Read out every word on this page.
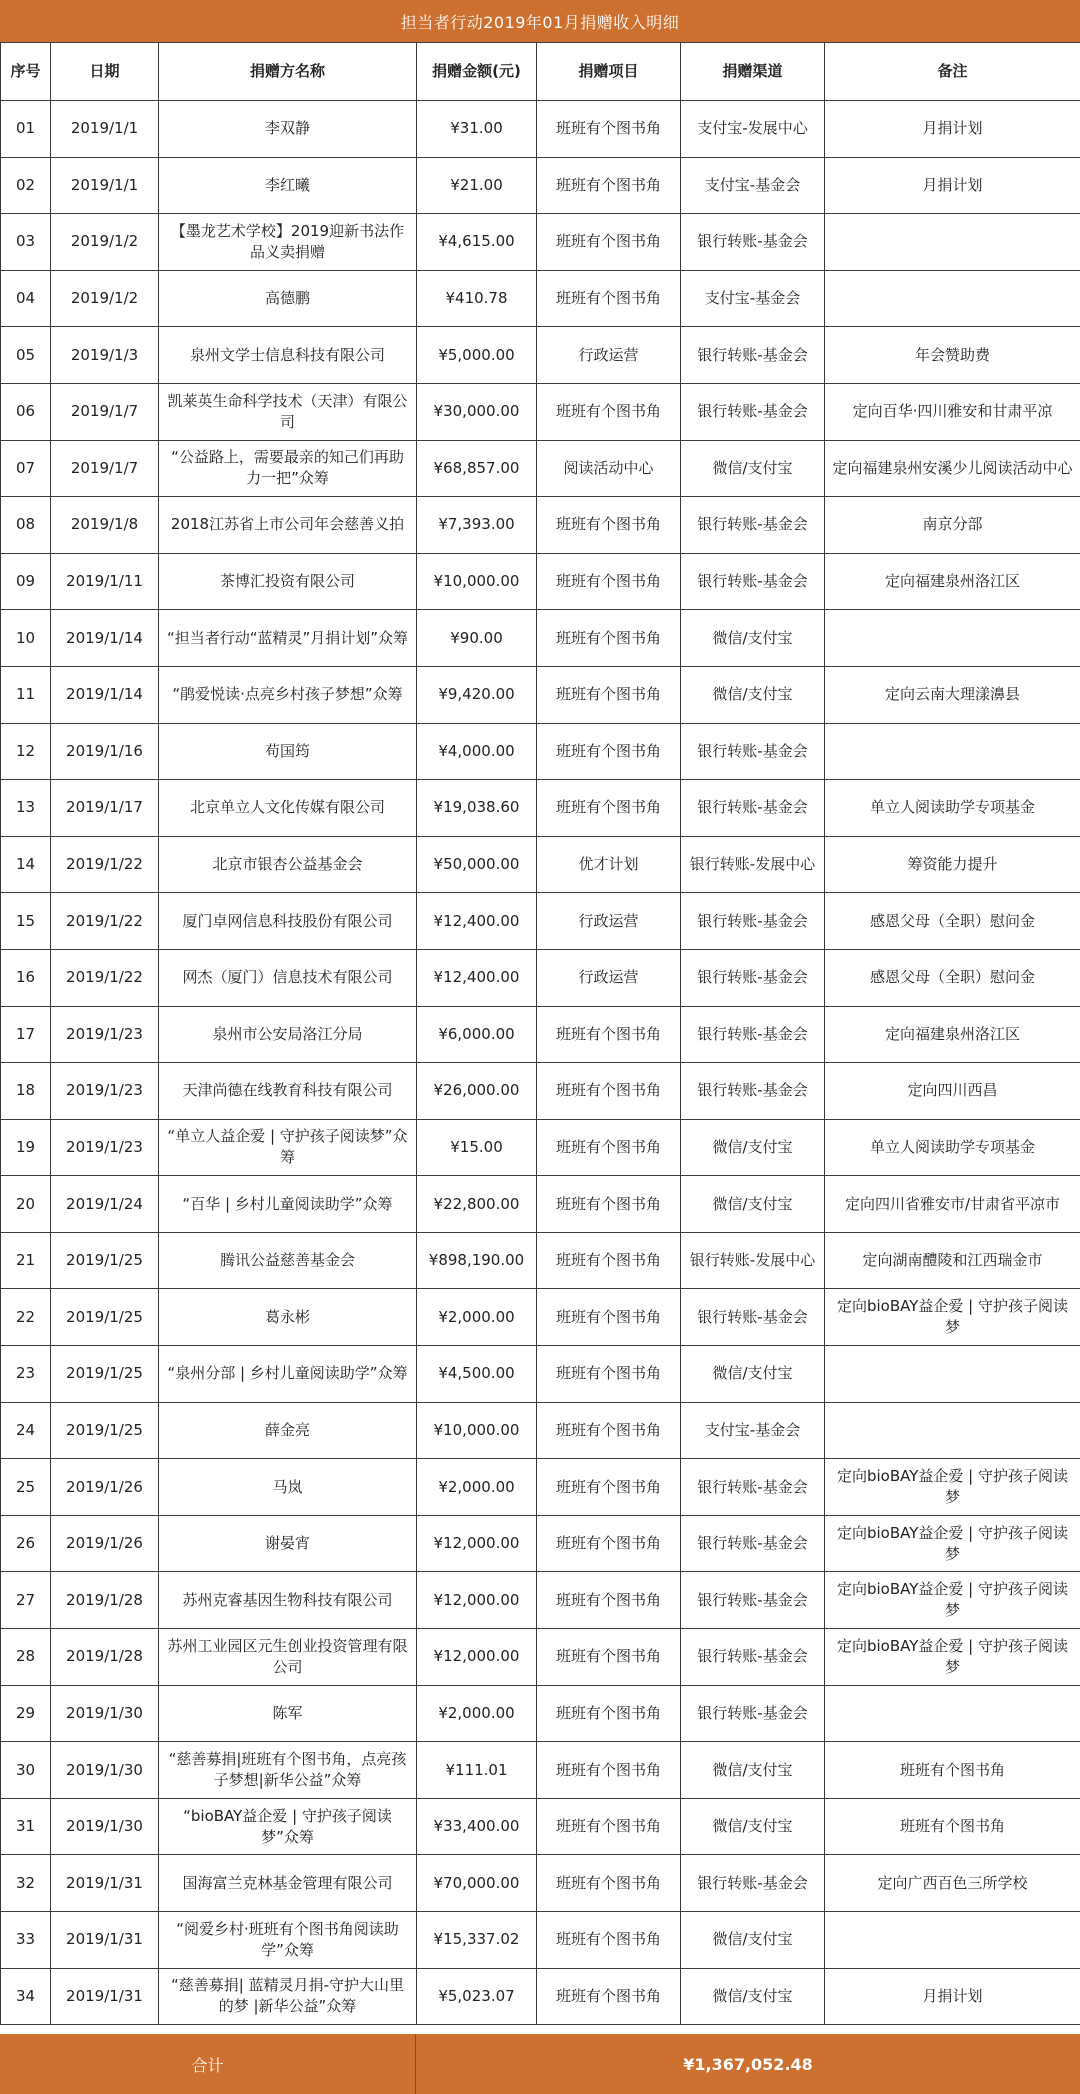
担当者行动2019年01月捐赠收入明细
序号	日期	捐赠方名称	捐赠金额(元)	捐赠项目	捐赠渠道	备注
01	2019/1/1	李双静	¥31.00	班班有个图书角	支付宝-发展中心	月捐计划
02	2019/1/1	李红曦	¥21.00	班班有个图书角	支付宝-基金会	月捐计划
03	2019/1/2	【墨龙艺术学校】2019迎新书法作品义卖捐赠	¥4,615.00	班班有个图书角	银行转账-基金会	
04	2019/1/2	高德鹏	¥410.78	班班有个图书角	支付宝-基金会	
05	2019/1/3	泉州文学士信息科技有限公司	¥5,000.00	行政运营	银行转账-基金会	年会赞助费
06	2019/1/7	凯莱英生命科学技术（天津）有限公司	¥30,000.00	班班有个图书角	银行转账-基金会	定向百华·四川雅安和甘肃平凉
07	2019/1/7	“公益路上，需要最亲的知己们再助力一把”众筹	¥68,857.00	阅读活动中心	微信/支付宝	定向福建泉州安溪少儿阅读活动中心
08	2019/1/8	2018江苏省上市公司年会慈善义拍	¥7,393.00	班班有个图书角	银行转账-基金会	南京分部
09	2019/1/11	茶博汇投资有限公司	¥10,000.00	班班有个图书角	银行转账-基金会	定向福建泉州洛江区
10	2019/1/14	“担当者行动“蓝精灵”月捐计划”众筹	¥90.00	班班有个图书角	微信/支付宝	
11	2019/1/14	“鹃爱悦读·点亮乡村孩子梦想”众筹	¥9,420.00	班班有个图书角	微信/支付宝	定向云南大理漾濞县
12	2019/1/16	苟国筠	¥4,000.00	班班有个图书角	银行转账-基金会	
13	2019/1/17	北京单立人文化传媒有限公司	¥19,038.60	班班有个图书角	银行转账-基金会	单立人阅读助学专项基金
14	2019/1/22	北京市银杏公益基金会	¥50,000.00	优才计划	银行转账-发展中心	筹资能力提升
15	2019/1/22	厦门卓网信息科技股份有限公司	¥12,400.00	行政运营	银行转账-基金会	感恩父母（全职）慰问金
16	2019/1/22	网杰（厦门）信息技术有限公司	¥12,400.00	行政运营	银行转账-基金会	感恩父母（全职）慰问金
17	2019/1/23	泉州市公安局洛江分局	¥6,000.00	班班有个图书角	银行转账-基金会	定向福建泉州洛江区
18	2019/1/23	天津尚德在线教育科技有限公司	¥26,000.00	班班有个图书角	银行转账-基金会	定向四川西昌
19	2019/1/23	“单立人益企爱 | 守护孩子阅读梦”众筹	¥15.00	班班有个图书角	微信/支付宝	单立人阅读助学专项基金
20	2019/1/24	“百华 | 乡村儿童阅读助学”众筹	¥22,800.00	班班有个图书角	微信/支付宝	定向四川省雅安市/甘肃省平凉市
21	2019/1/25	腾讯公益慈善基金会	¥898,190.00	班班有个图书角	银行转账-发展中心	定向湖南醴陵和江西瑞金市
22	2019/1/25	葛永彬	¥2,000.00	班班有个图书角	银行转账-基金会	定向bioBAY益企爱 | 守护孩子阅读梦
23	2019/1/25	“泉州分部 | 乡村儿童阅读助学”众筹	¥4,500.00	班班有个图书角	微信/支付宝	
24	2019/1/25	薛金亮	¥10,000.00	班班有个图书角	支付宝-基金会	
25	2019/1/26	马岚	¥2,000.00	班班有个图书角	银行转账-基金会	定向bioBAY益企爱 | 守护孩子阅读梦
26	2019/1/26	谢晏宵	¥12,000.00	班班有个图书角	银行转账-基金会	定向bioBAY益企爱 | 守护孩子阅读梦
27	2019/1/28	苏州克睿基因生物科技有限公司	¥12,000.00	班班有个图书角	银行转账-基金会	定向bioBAY益企爱 | 守护孩子阅读梦
28	2019/1/28	苏州工业园区元生创业投资管理有限公司	¥12,000.00	班班有个图书角	银行转账-基金会	定向bioBAY益企爱 | 守护孩子阅读梦
29	2019/1/30	陈军	¥2,000.00	班班有个图书角	银行转账-基金会	
30	2019/1/30	“慈善募捐|班班有个图书角，点亮孩子梦想|新华公益”众筹	¥111.01	班班有个图书角	微信/支付宝	班班有个图书角
31	2019/1/30	“bioBAY益企爱 | 守护孩子阅读梦”众筹	¥33,400.00	班班有个图书角	微信/支付宝	班班有个图书角
32	2019/1/31	国海富兰克林基金管理有限公司	¥70,000.00	班班有个图书角	银行转账-基金会	定向广西百色三所学校
33	2019/1/31	“阅爱乡村·班班有个图书角阅读助学”众筹	¥15,337.02	班班有个图书角	微信/支付宝	
34	2019/1/31	“慈善募捐| 蓝精灵月捐-守护大山里的梦 |新华公益”众筹	¥5,023.07	班班有个图书角	微信/支付宝	月捐计划
合计	¥1,367,052.48
